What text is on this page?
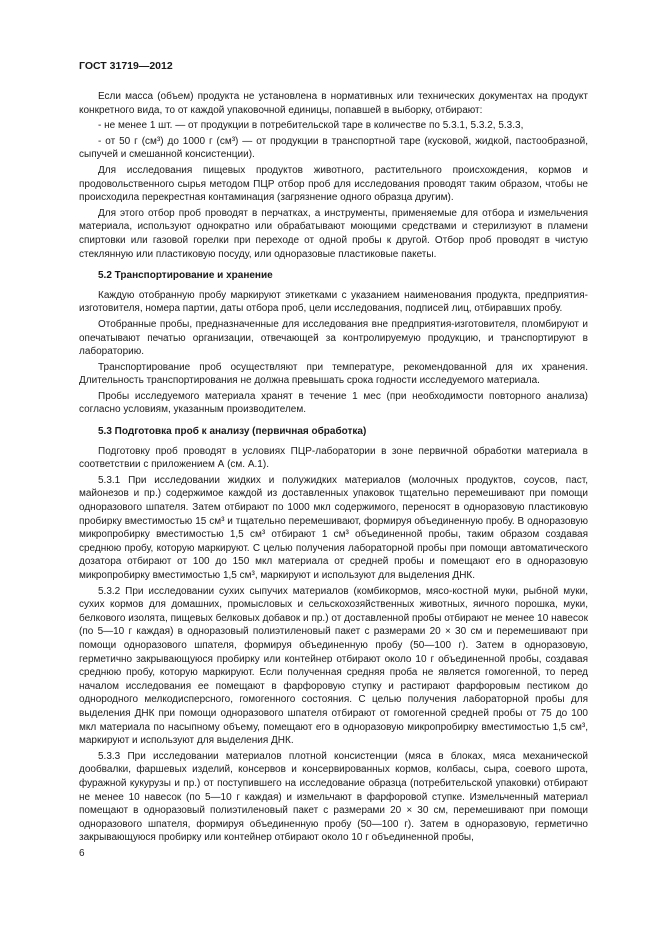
ГОСТ 31719—2012

Если масса (объем) продукта не установлена в нормативных или технических документах на продукт конкретного вида, то от каждой упаковочной единицы, попавшей в выборку, отбирают:

- не менее 1 шт. — от продукции в потребительской таре в количестве по 5.3.1, 5.3.2, 5.3.3,

- от 50 г (см³) до 1000 г (см³) — от продукции в транспортной таре (кусковой, жидкой, пастообразной, сыпучей и смешанной консистенции).

Для исследования пищевых продуктов животного, растительного происхождения, кормов и продовольственного сырья методом ПЦР отбор проб для исследования проводят таким образом, чтобы не происходила перекрестная контаминация (загрязнение одного образца другим).

Для этого отбор проб проводят в перчатках, а инструменты, применяемые для отбора и измельчения материала, используют однократно или обрабатывают моющими средствами и стерилизуют в пламени спиртовки или газовой горелки при переходе от одной пробы к другой. Отбор проб проводят в чистую стеклянную или пластиковую посуду, или одноразовые пластиковые пакеты.

5.2 Транспортирование и хранение

Каждую отобранную пробу маркируют этикетками с указанием наименования продукта, предприятия-изготовителя, номера партии, даты отбора проб, цели исследования, подписей лиц, отбиравших пробу.

Отобранные пробы, предназначенные для исследования вне предприятия-изготовителя, пломбируют и опечатывают печатью организации, отвечающей за контролируемую продукцию, и транспортируют в лабораторию.

Транспортирование проб осуществляют при температуре, рекомендованной для их хранения. Длительность транспортирования не должна превышать срока годности исследуемого материала.

Пробы исследуемого материала хранят в течение 1 мес (при необходимости повторного анализа) согласно условиям, указанным производителем.

5.3 Подготовка проб к анализу (первичная обработка)

Подготовку проб проводят в условиях ПЦР-лаборатории в зоне первичной обработки материала в соответствии с приложением А (см. А.1).

5.3.1 При исследовании жидких и полужидких материалов (молочных продуктов, соусов, паст, майонезов и пр.) содержимое каждой из доставленных упаковок тщательно перемешивают при помощи одноразового шпателя. Затем отбирают по 1000 мкл содержимого, переносят в одноразовую пластиковую пробирку вместимостью 15 см³ и тщательно перемешивают, формируя объединенную пробу. В одноразовую микропробирку вместимостью 1,5 см³ отбирают 1 см³ объединенной пробы, таким образом создавая среднюю пробу, которую маркируют. С целью получения лабораторной пробы при помощи автоматического дозатора отбирают от 100 до 150 мкл материала от средней пробы и помещают его в одноразовую микропробирку вместимостью 1,5 см³, маркируют и используют для выделения ДНК.

5.3.2 При исследовании сухих сыпучих материалов (комбикормов, мясо-костной муки, рыбной муки, сухих кормов для домашних, промысловых и сельскохозяйственных животных, яичного порошка, муки, белкового изолята, пищевых белковых добавок и пр.) от доставленной пробы отбирают не менее 10 навесок (по 5—10 г каждая) в одноразовый полиэтиленовый пакет с размерами 20 × 30 см и перемешивают при помощи одноразового шпателя, формируя объединенную пробу (50—100 г). Затем в одноразовую, герметично закрывающуюся пробирку или контейнер отбирают около 10 г объединенной пробы, создавая среднюю пробу, которую маркируют. Если полученная средняя проба не является гомогенной, то перед началом исследования ее помещают в фарфоровую ступку и растирают фарфоровым пестиком до однородного мелкодисперсного, гомогенного состояния. С целью получения лабораторной пробы для выделения ДНК при помощи одноразового шпателя отбирают от гомогенной средней пробы от 75 до 100 мкл материала по насыпному объему, помещают его в одноразовую микропробирку вместимостью 1,5 см³, маркируют и используют для выделения ДНК.

5.3.3 При исследовании материалов плотной консистенции (мяса в блоках, мяса механической дообвалки, фаршевых изделий, консервов и консервированных кормов, колбасы, сыра, соевого шрота, фуражной кукурузы и пр.) от поступившего на исследование образца (потребительской упаковки) отбирают не менее 10 навесок (по 5—10 г каждая) и измельчают в фарфоровой ступке. Измельченный материал помещают в одноразовый полиэтиленовый пакет с размерами 20 × 30 см, перемешивают при помощи одноразового шпателя, формируя объединенную пробу (50—100 г). Затем в одноразовую, герметично закрывающуюся пробирку или контейнер отбирают около 10 г объединенной пробы,

6
